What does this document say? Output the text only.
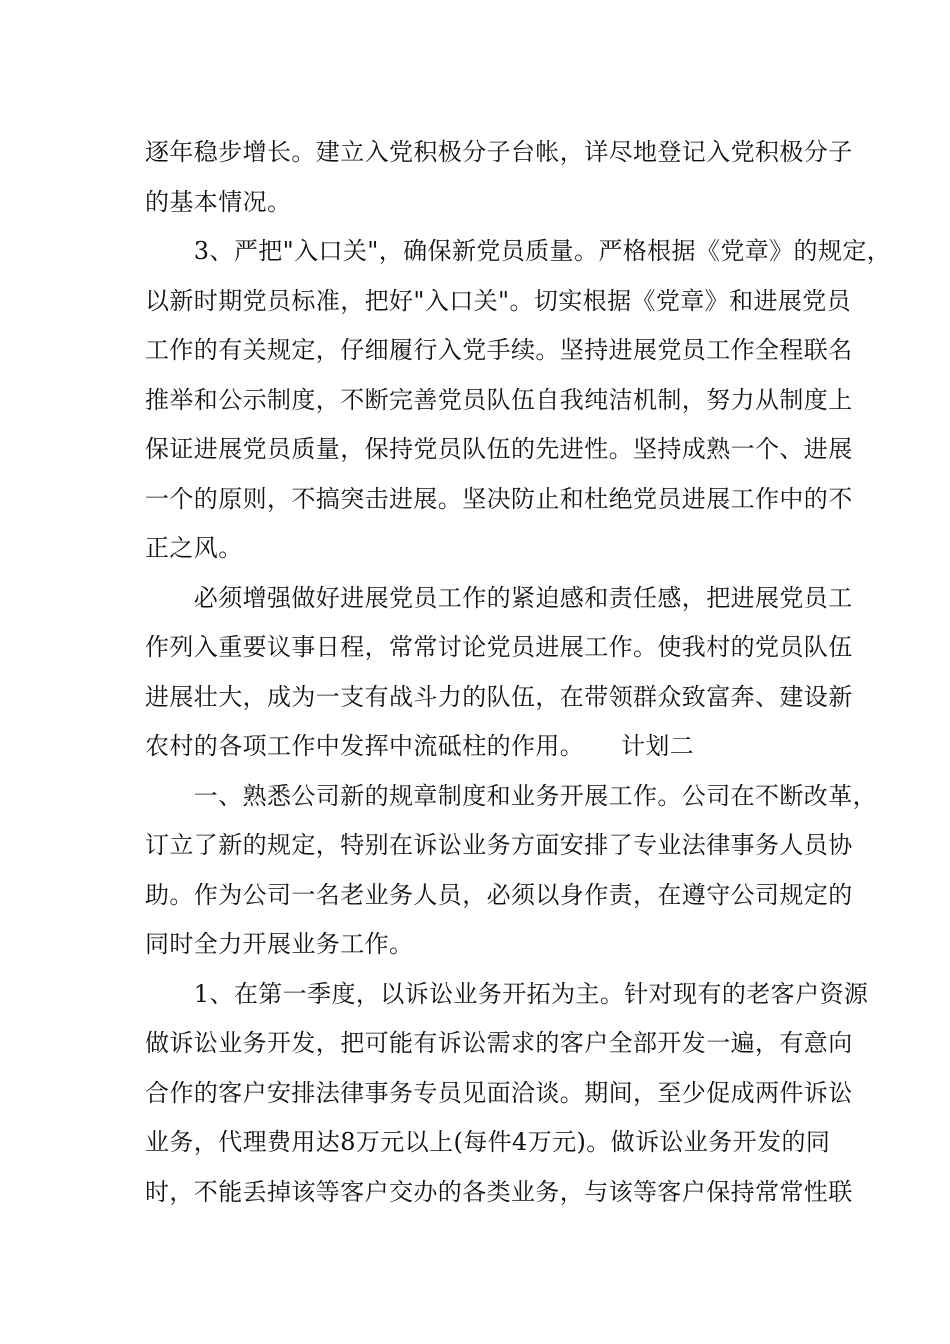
逐年稳步增长。建立入党积极分子台帐，详尽地登记入党积极分子
的基本情况。
　　3、严把"入口关"，确保新党员质量。严格根据《党章》的规定，
以新时期党员标准，把好"入口关"。切实根据《党章》和进展党员
工作的有关规定，仔细履行入党手续。坚持进展党员工作全程联名
推举和公示制度，不断完善党员队伍自我纯洁机制，努力从制度上
保证进展党员质量，保持党员队伍的先进性。坚持成熟一个、进展
一个的原则，不搞突击进展。坚决防止和杜绝党员进展工作中的不
正之风。
　　必须增强做好进展党员工作的紧迫感和责任感，把进展党员工
作列入重要议事日程，常常讨论党员进展工作。使我村的党员队伍
进展壮大，成为一支有战斗力的队伍，在带领群众致富奔、建设新
农村的各项工作中发挥中流砥柱的作用。　　计划二
　　一、熟悉公司新的规章制度和业务开展工作。公司在不断改革，
订立了新的规定，特别在诉讼业务方面安排了专业法律事务人员协
助。作为公司一名老业务人员，必须以身作责，在遵守公司规定的
同时全力开展业务工作。
　　1、在第一季度，以诉讼业务开拓为主。针对现有的老客户资源
做诉讼业务开发，把可能有诉讼需求的客户全部开发一遍，有意向
合作的客户安排法律事务专员见面洽谈。期间，至少促成两件诉讼
业务，代理费用达8万元以上(每件4万元)。做诉讼业务开发的同
时，不能丢掉该等客户交办的各类业务，与该等客户保持常常性联
